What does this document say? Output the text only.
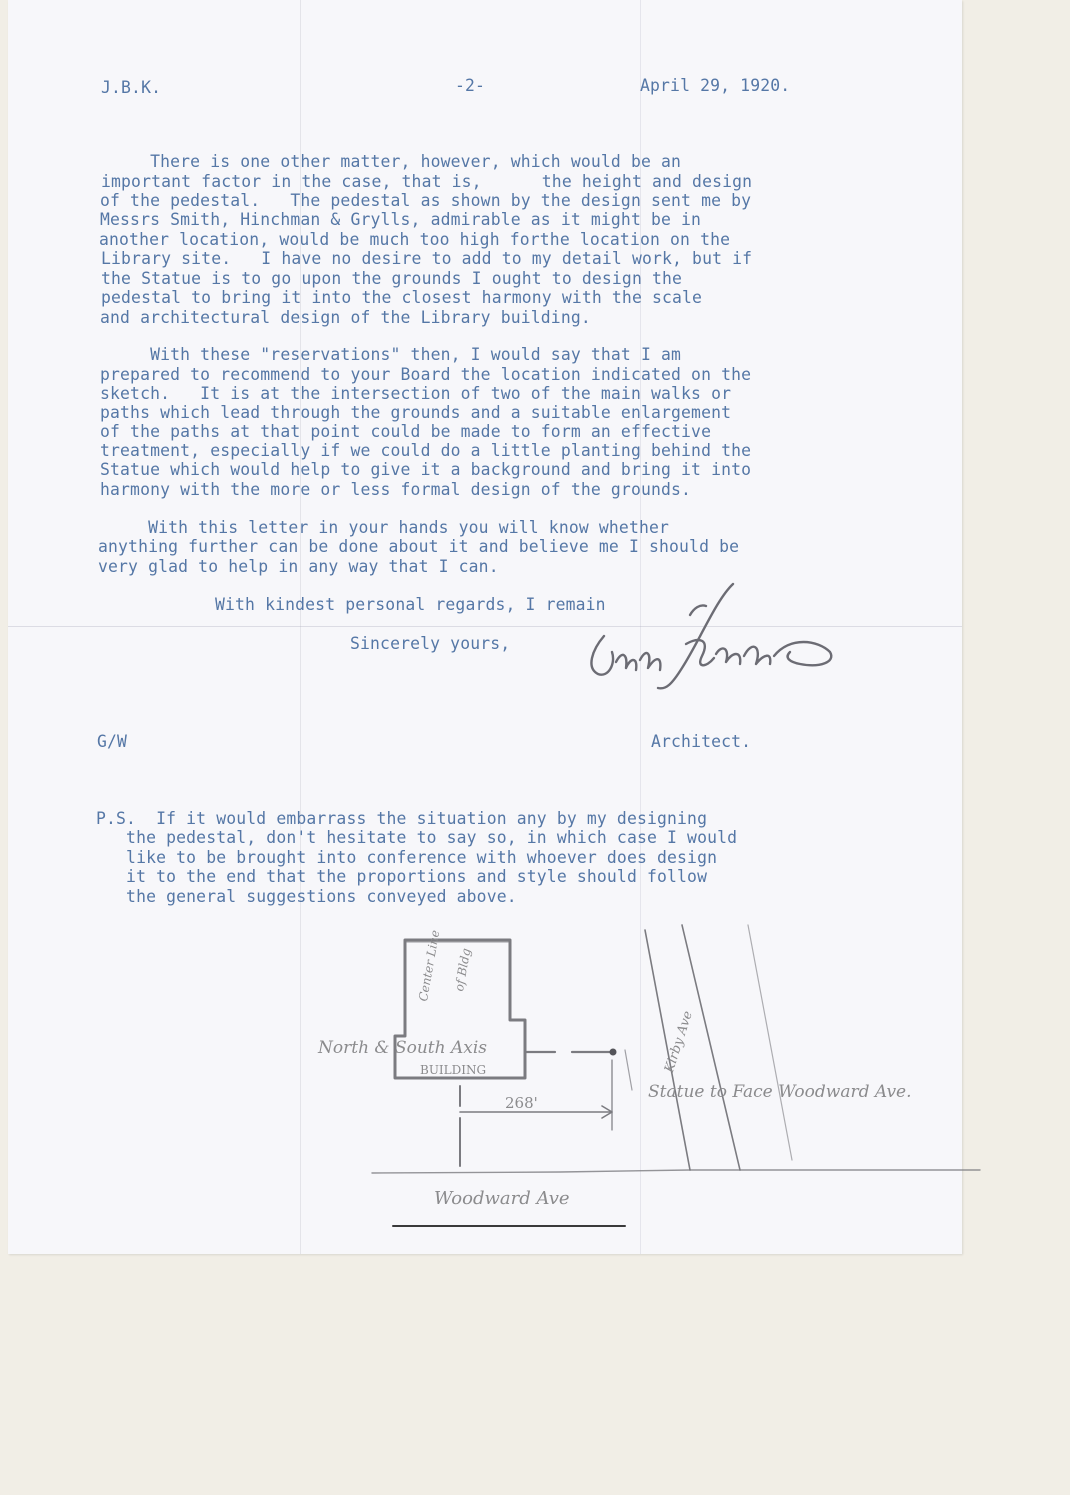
J.B.K.	-2-	April 29, 1920.
There is one other matter, however, which would be an
important factor in the case, that is,      the height and design
of the pedestal.   The pedestal as shown by the design sent me by
Messrs Smith, Hinchman & Grylls, admirable as it might be in
another location, would be much too high forthe location on the
Library site.   I have no desire to add to my detail work, but if
the Statue is to go upon the grounds I ought to design the
pedestal to bring it into the closest harmony with the scale
and architectural design of the Library building.
With these "reservations" then, I would say that I am
prepared to recommend to your Board the location indicated on the
sketch.   It is at the intersection of two of the main walks or
paths which lead through the grounds and a suitable enlargement
of the paths at that point could be made to form an effective
treatment, especially if we could do a little planting behind the
Statue which would help to give it a background and bring it into
harmony with the more or less formal design of the grounds.
With this letter in your hands you will know whether
anything further can be done about it and believe me I should be
very glad to help in any way that I can.
With kindest personal regards, I remain
Sincerely yours,
G/W	Architect.
P.S.  If it would embarrass the situation any by my designing
the pedestal, don't hesitate to say so, in which case I would
like to be brought into conference with whoever does design
it to the end that the proportions and style should follow
the general suggestions conveyed above.
North & South Axis
BUILDING
Center Line of Bldg
268'
Statue to Face Woodward Ave.
Kirby Ave
Woodward Ave
